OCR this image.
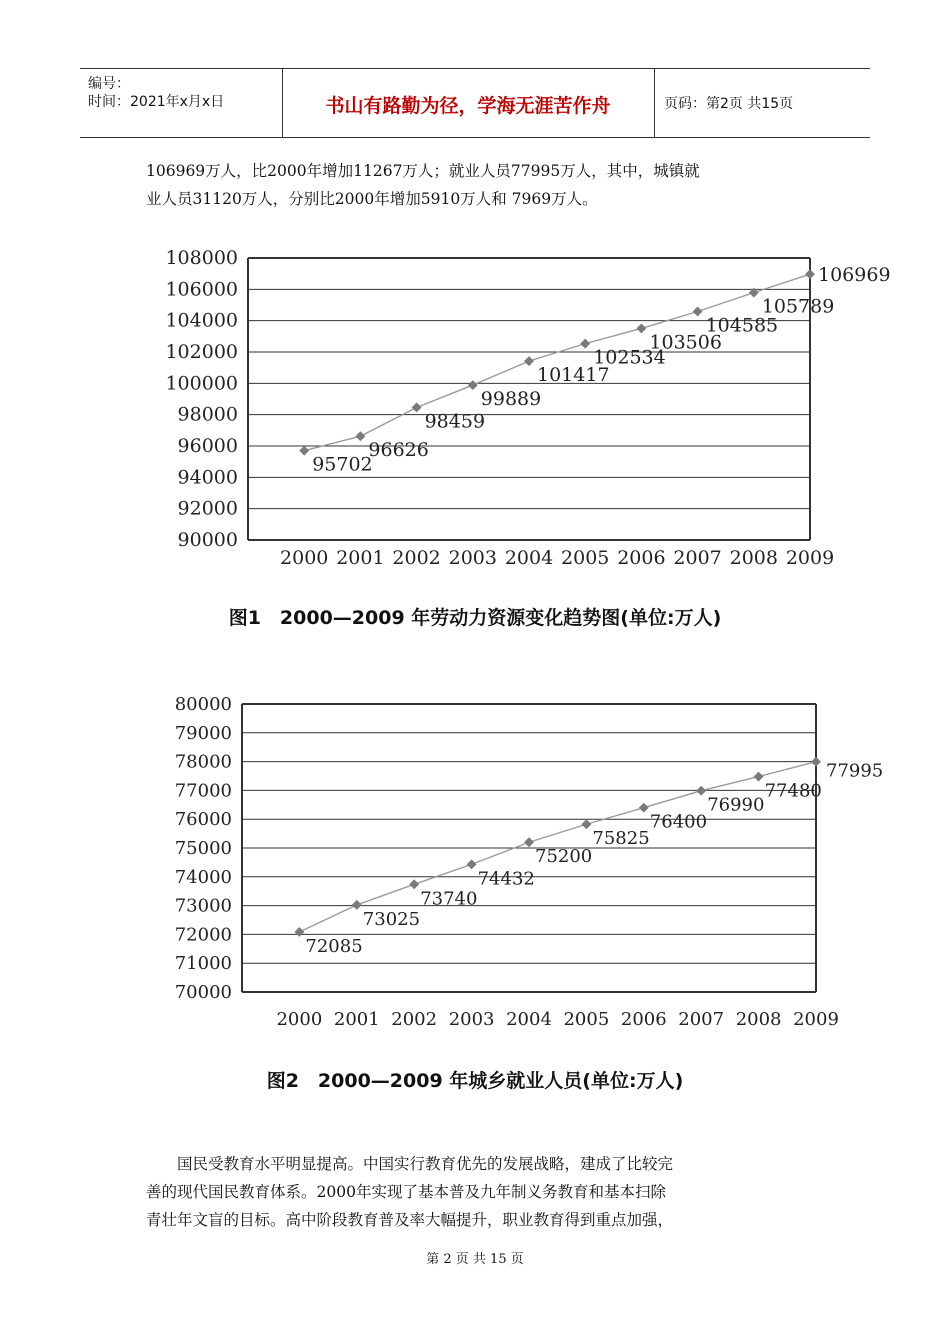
编号：
时间：2021年x月x日	书山有路勤为径，学海无涯苦作舟	页码：第2页 共15页

106969万人，比2000年增加11267万人；就业人员77995万人，其中，城镇就

业人员31120万人，分别比2000年增加5910万人和 7969万人。

108000
106000
104000
102000
100000
98000
96000
94000
92000
90000
2000 2001 2002 2003 2004 2005 2006 2007 2008 2009
95702
96626
98459
99889
101417
102534
103506
104585
105789
106969
图1　2000—2009 年劳动力资源变化趋势图(单位:万人)
80000
79000
78000
77000
76000
75000
74000
73000
72000
71000
70000
2000 2001 2002 2003 2004 2005 2006 2007 2008 2009
72085
73025
73740
74432
75200
75825
76400
76990
77480
77995
图2　2000—2009 年城乡就业人员(单位:万人)

　　国民受教育水平明显提高。中国实行教育优先的发展战略，建成了比较完

善的现代国民教育体系。2000年实现了基本普及九年制义务教育和基本扫除

青壮年文盲的目标。高中阶段教育普及率大幅提升，职业教育得到重点加强，

第 2 页 共 15 页
